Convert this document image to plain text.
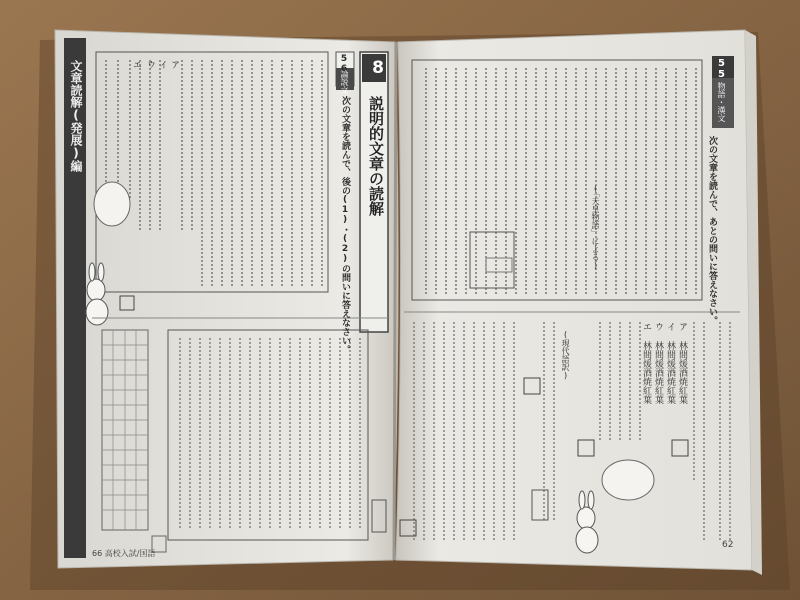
文章読解(発展)編	8
説明的文章の読解
56
論説文
次の文章を読んで、後の(1)・(2)の問いに答えなさい。
ア
イ
ウ
エ
66 高校入試/国語
55
物語・漢文
次の文章を読んで、あとの問いに答えなさい。
ア 林間煖酒焼紅葉
イ 林間煖酒焼紅葉
ウ 林間煖酒焼紅葉
エ 林間煖酒焼紅葉
(「天皇物語」による)
(現代語訳)
62
